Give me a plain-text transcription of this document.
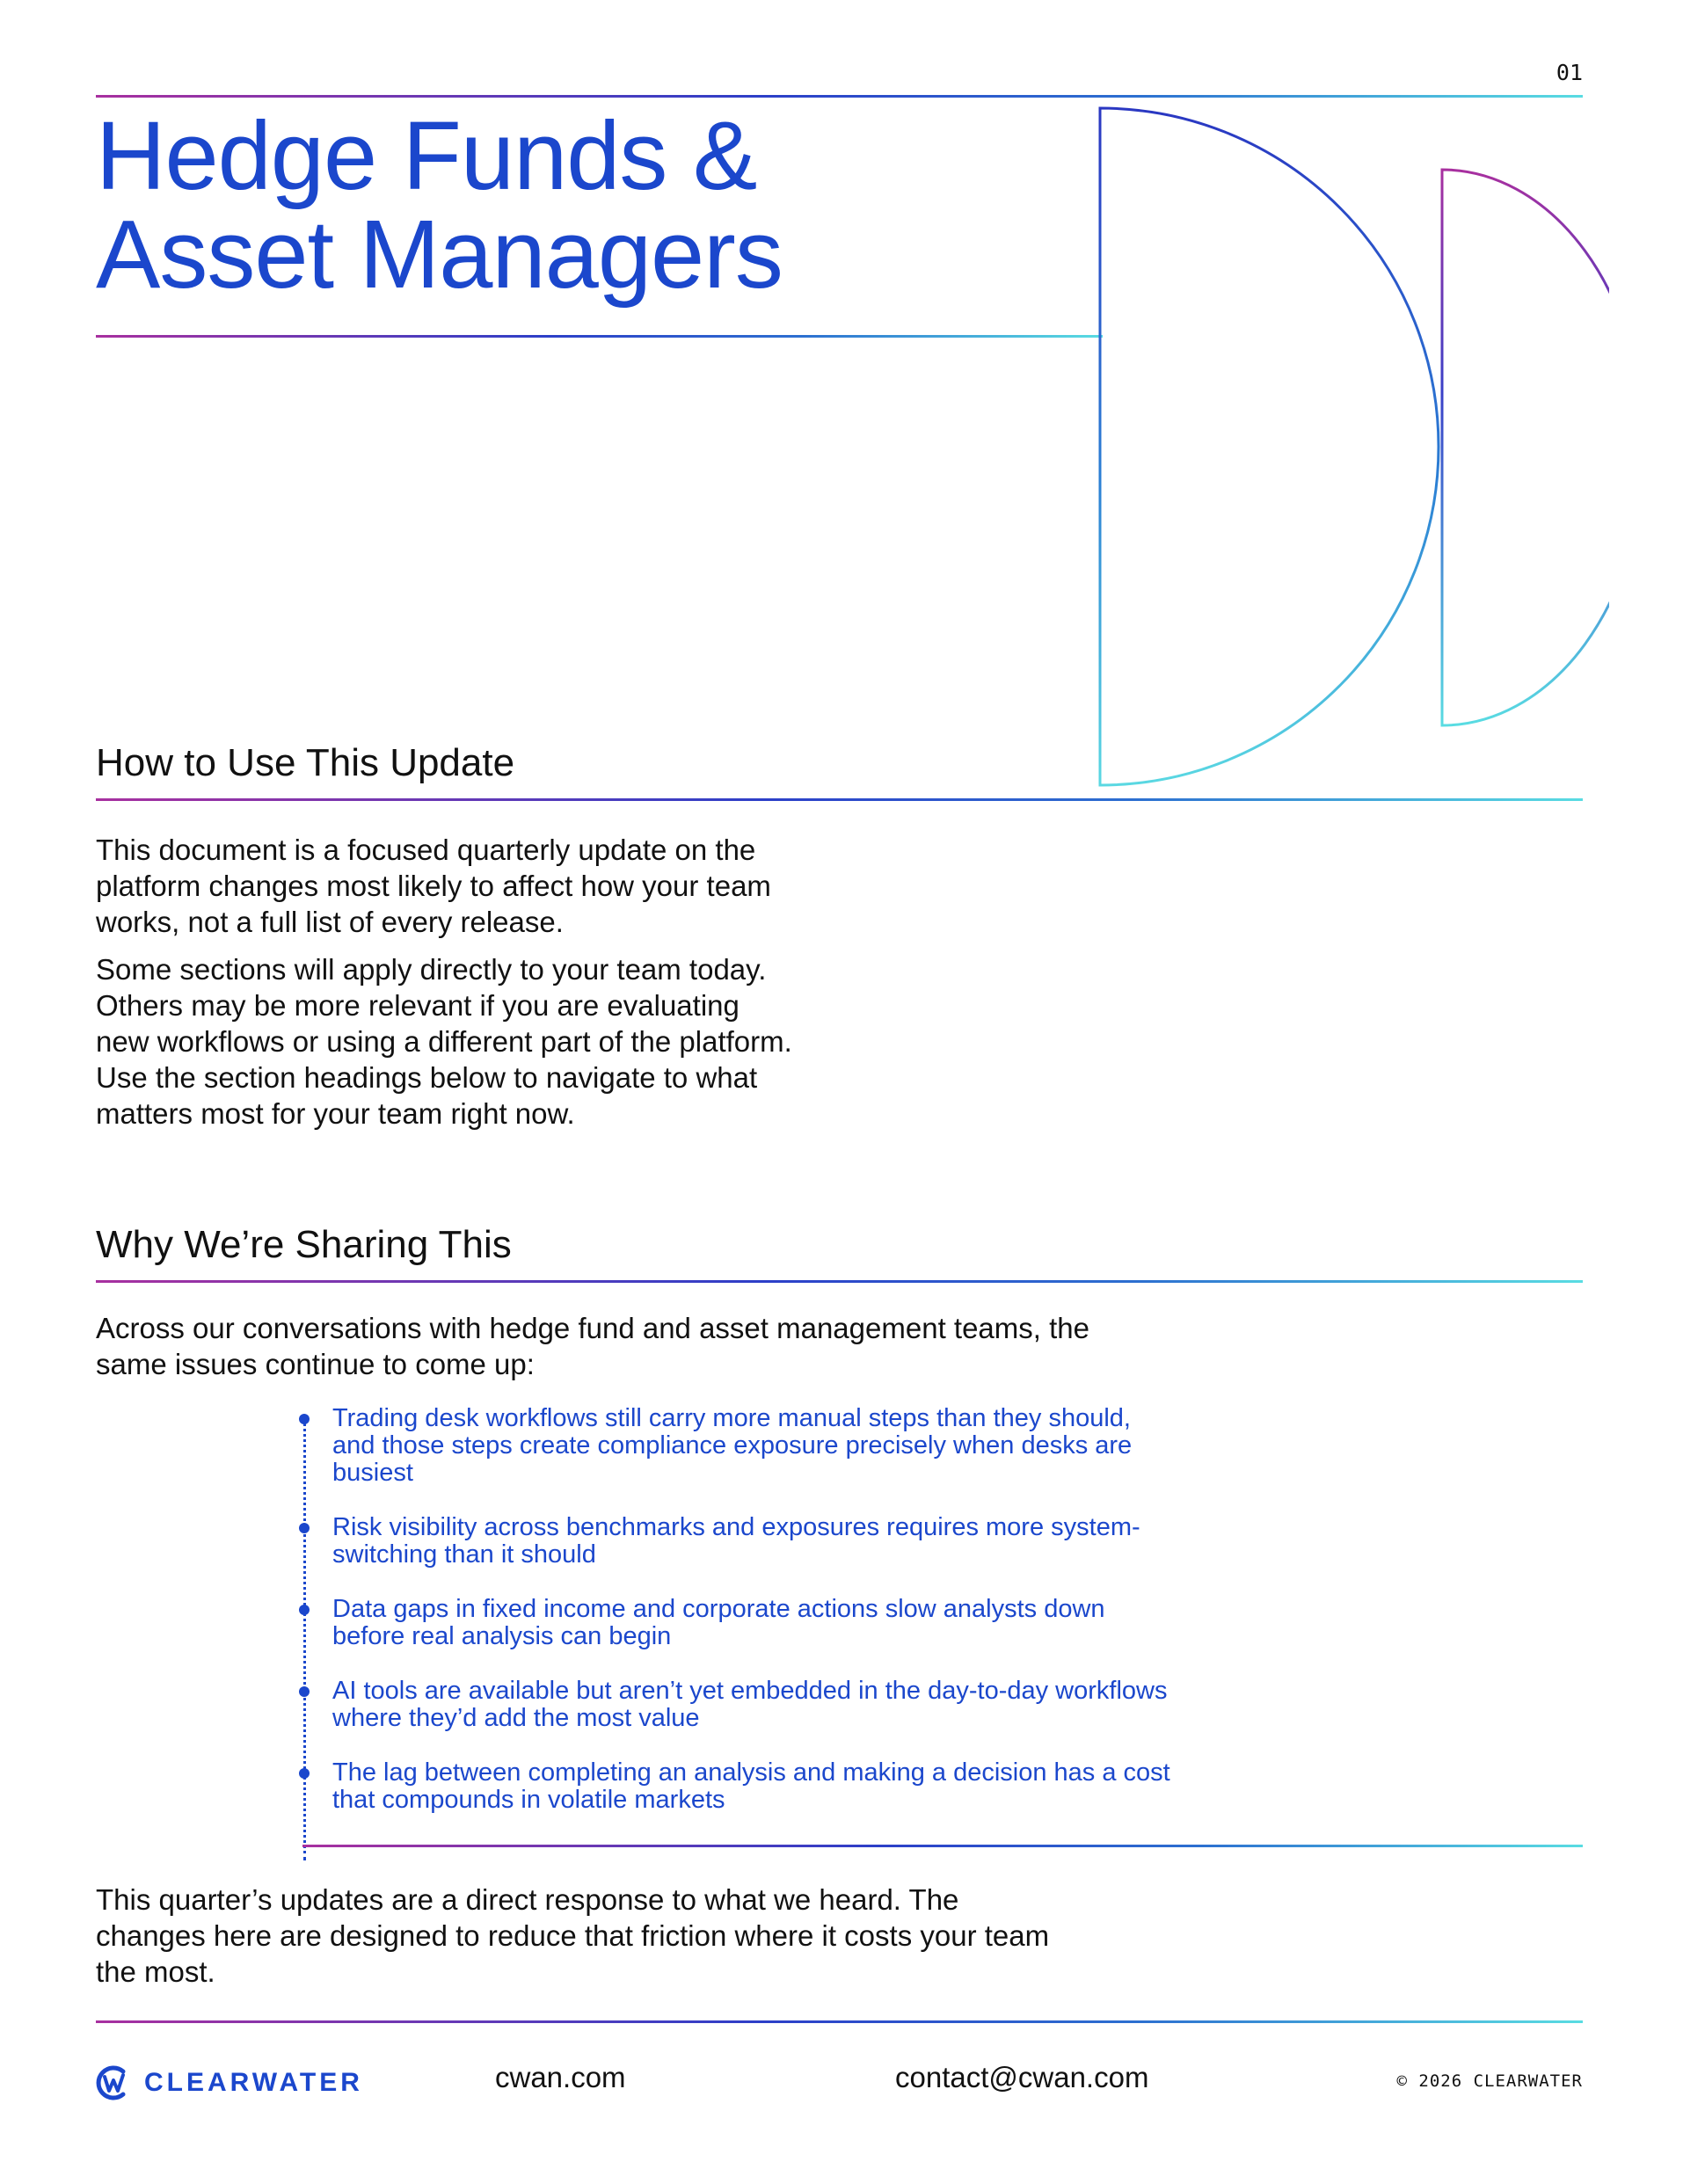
01
Hedge Funds &
Asset Managers
How to Use This Update

This document is a focused quarterly update on the platform changes most likely to affect how your team works, not a full list of every release.

Some sections will apply directly to your team today. Others may be more relevant if you are evaluating new workflows or using a different part of the platform. Use the section headings below to navigate to what matters most for your team right now.

Why We’re Sharing This

Across our conversations with hedge fund and asset management teams, the same issues continue to come up:

Trading desk workflows still carry more manual steps than they should, and those steps create compliance exposure precisely when desks are busiest
Risk visibility across benchmarks and exposures requires more system-switching than it should
Data gaps in fixed income and corporate actions slow analysts down before real analysis can begin
AI tools are available but aren’t yet embedded in the day-to-day workflows where they’d add the most value
The lag between completing an analysis and making a decision has a cost that compounds in volatile markets

This quarter’s updates are a direct response to what we heard. The changes here are designed to reduce that friction where it costs your team the most.

CLEARWATER	cwan.com	contact@cwan.com	© 2026 CLEARWATER
